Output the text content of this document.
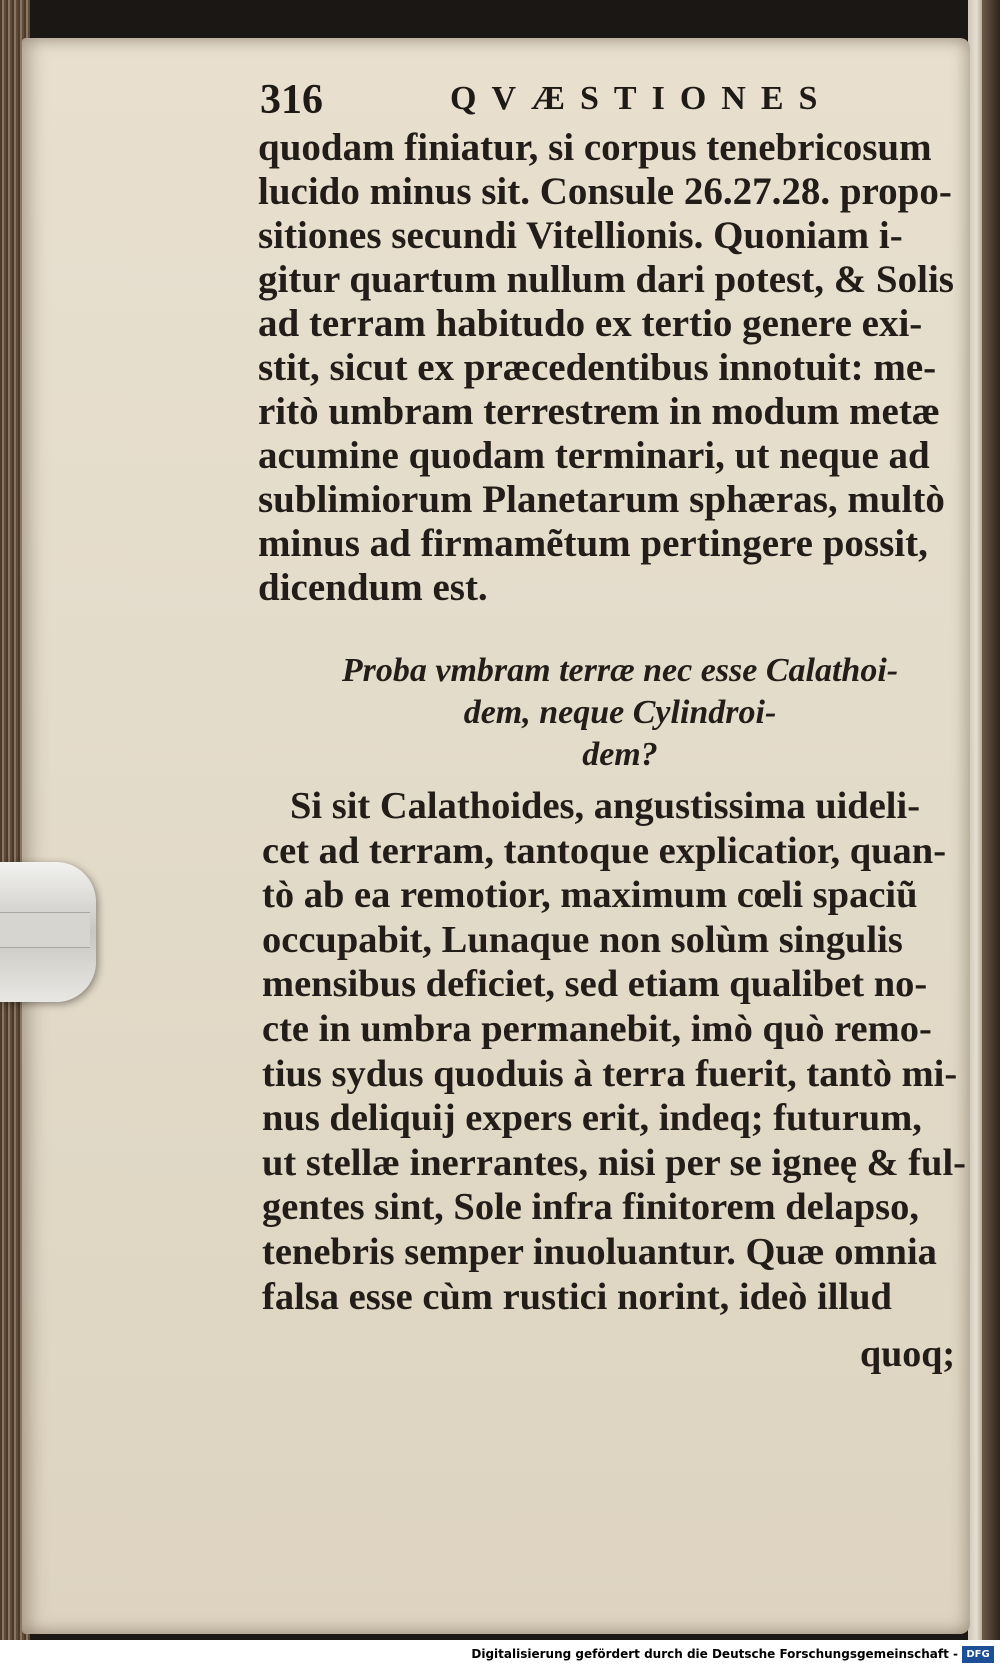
316	QVÆSTIONES
quodam finiatur, si corpus tenebricosum
lucido minus sit. Consule 26.27.28. propo-
sitiones secundi Vitellionis. Quoniam i-
gitur quartum nullum dari potest, & Solis
ad terram habitudo ex tertio genere exi-
stit, sicut ex præcedentibus innotuit: me-
ritò umbram terrestrem in modum metæ
acumine quodam terminari, ut neque ad
sublimiorum Planetarum sphæras, multò
minus ad firmamẽtum pertingere possit,
dicendum est.
Proba vmbram terræ nec esse Calathoi-
dem, neque Cylindroi-
dem?
Si sit Calathoides, angustissima uideli-
cet ad terram, tantoque explicatior, quan-
tò ab ea remotior, maximum cœli spaciũ
occupabit, Lunaque non solùm singulis
mensibus deficiet, sed etiam qualibet no-
cte in umbra permanebit, imò quò remo-
tius sydus quoduis à terra fuerit, tantò mi-
nus deliquij expers erit, indeq; futurum,
ut stellæ inerrantes, nisi per se igneę & ful-
gentes sint, Sole infra finitorem delapso,
tenebris semper inuoluantur. Quæ omnia
falsa esse cùm rustici norint, ideò illud
quoq;
Digitalisierung gefördert durch die Deutsche Forschungsgemeinschaft - DFG
